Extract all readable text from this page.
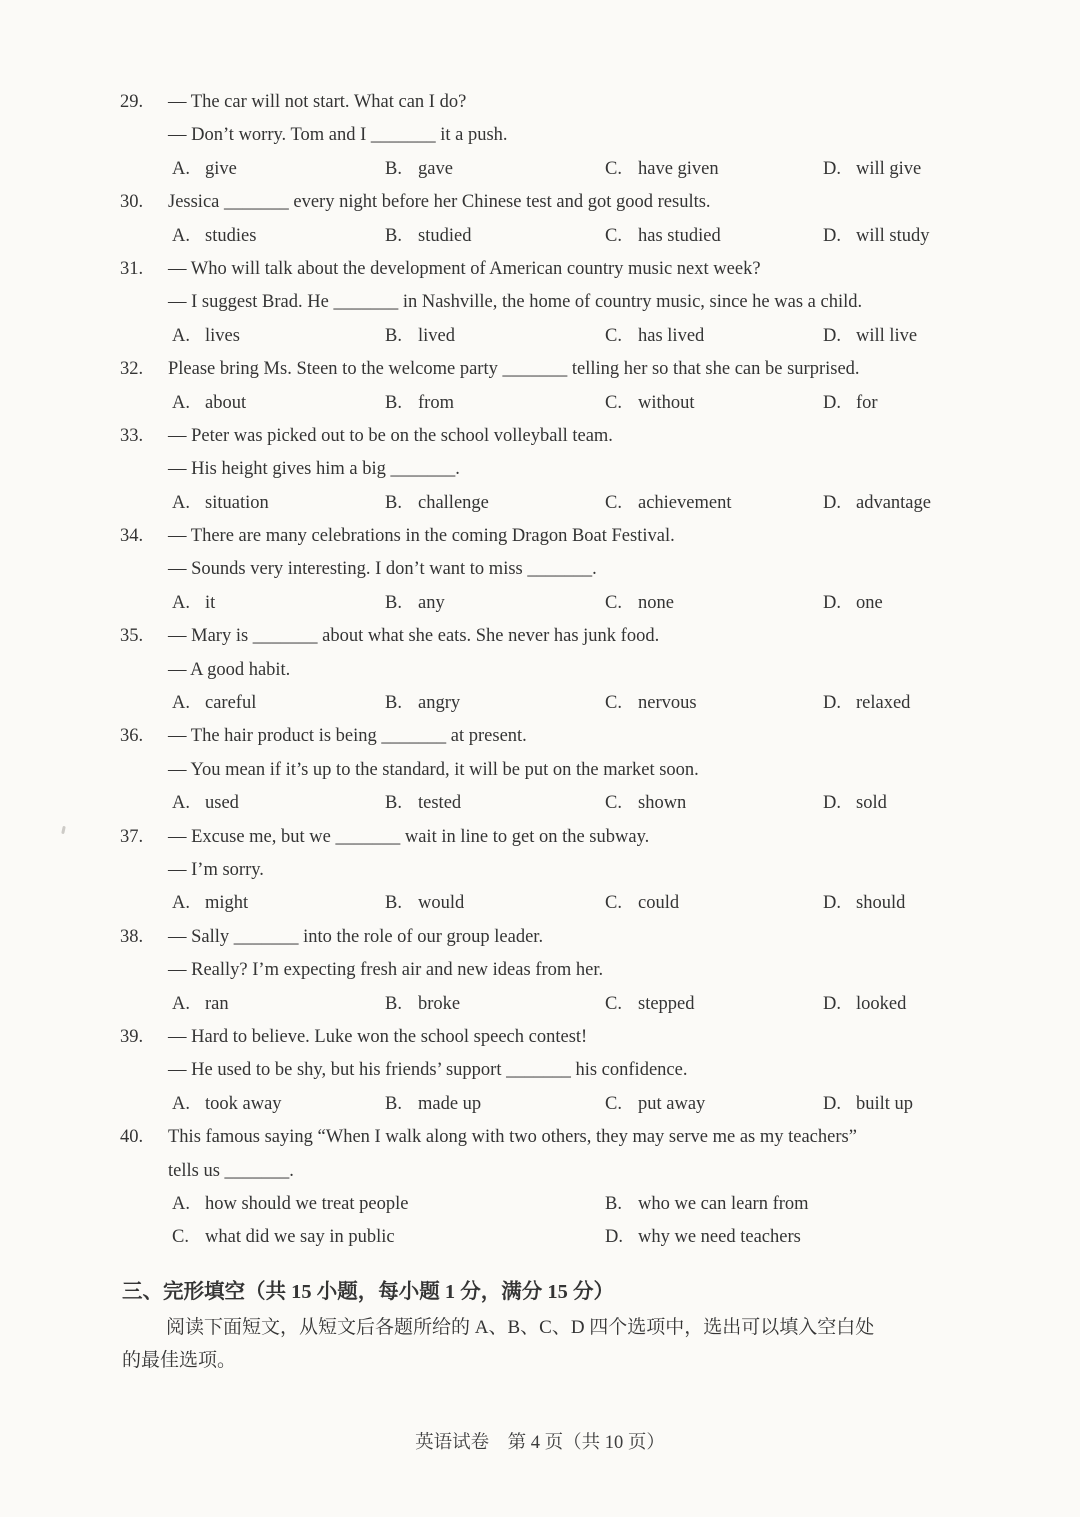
29. — The car will not start. What can I do?
— Don’t worry. Tom and I _______ it a push.
A. give	B. gave	C. have given	D. will give
30. Jessica _______ every night before her Chinese test and got good results.
A. studies	B. studied	C. has studied	D. will study
31. — Who will talk about the development of American country music next week?
— I suggest Brad. He _______ in Nashville, the home of country music, since he was a child.
A. lives	B. lived	C. has lived	D. will live
32. Please bring Ms. Steen to the welcome party _______ telling her so that she can be surprised.
A. about	B. from	C. without	D. for
33. — Peter was picked out to be on the school volleyball team.
— His height gives him a big _______.
A. situation	B. challenge	C. achievement	D. advantage
34. — There are many celebrations in the coming Dragon Boat Festival.
— Sounds very interesting. I don’t want to miss _______.
A. it	B. any	C. none	D. one
35. — Mary is _______ about what she eats. She never has junk food.
— A good habit.
A. careful	B. angry	C. nervous	D. relaxed
36. — The hair product is being _______ at present.
— You mean if it’s up to the standard, it will be put on the market soon.
A. used	B. tested	C. shown	D. sold
37. — Excuse me, but we _______ wait in line to get on the subway.
— I’m sorry.
A. might	B. would	C. could	D. should
38. — Sally _______ into the role of our group leader.
— Really? I’m expecting fresh air and new ideas from her.
A. ran	B. broke	C. stepped	D. looked
39. — Hard to believe. Luke won the school speech contest!
— He used to be shy, but his friends’ support _______ his confidence.
A. took away	B. made up	C. put away	D. built up
40. This famous saying “When I walk along with two others, they may serve me as my teachers”
tells us _______.
A. how should we treat people	B. who we can learn from
C. what did we say in public	D. why we need teachers
三、完形填空（共 15 小题，每小题 1 分，满分 15 分）
阅读下面短文，从短文后各题所给的 A、B、C、D 四个选项中，选出可以填入空白处
的最佳选项。
英语试卷　第 4 页（共 10 页）
